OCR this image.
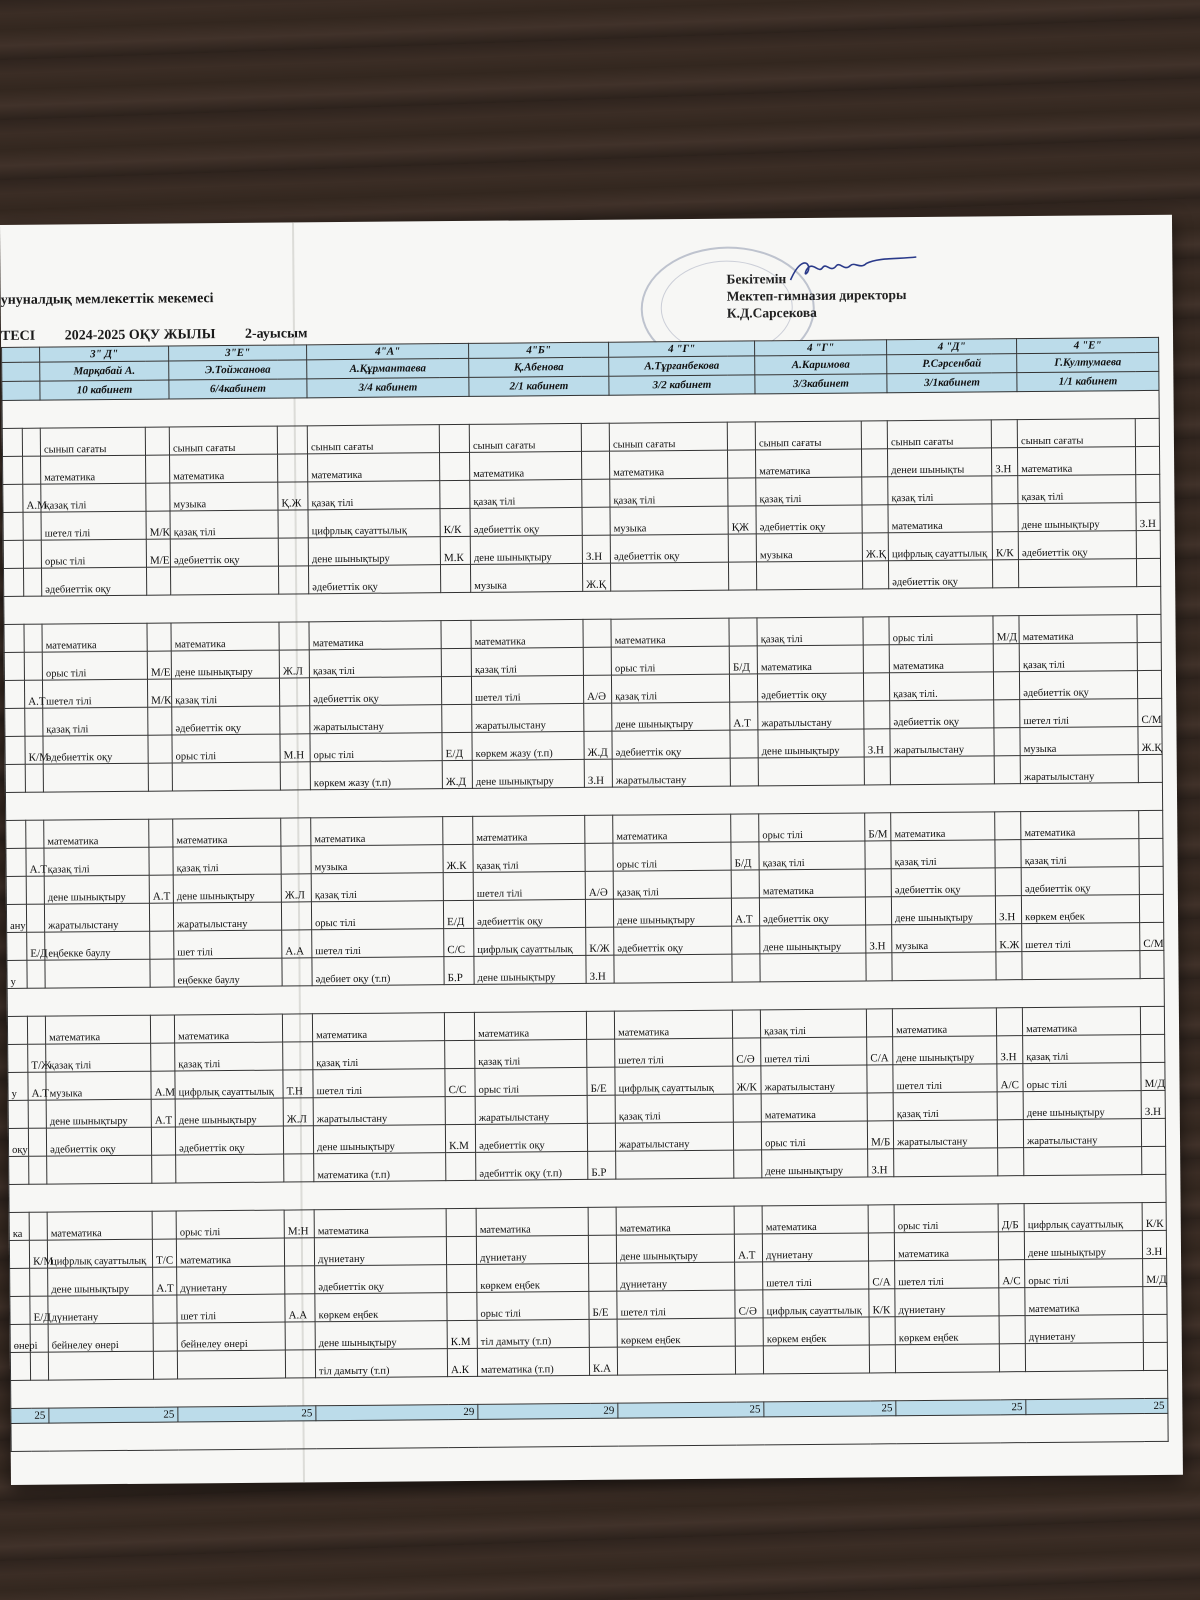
унуналдық мемлекеттік мекемесі
ТЕСІ 2024-2025 ОҚУ ЖЫЛЫ 2-ауысым
Бекітемін
Мектеп-гимназия директоры
К.Д.Сарсекова
		3" Д"		3"Е"		4"А"		4"Б"		4 "Г"		4 "Г"		4 "Д"		4 "Е"	
		Марқабай А.		Э.Тойжанова		А.Құрмантаева		Қ.Абенова		А.Тұрғанбекова		А.Каримова		Р.Сәрсенбай		Г.Култумаева	
		10 кабинет		6/4кабинет		3/4 кабинет		2/1 кабинет		3/2 кабинет		3/3кабинет		3/1кабинет		1/1 кабинет	

		сынып сағаты		сынып сағаты		сынып сағаты		сынып сағаты		сынып сағаты		сынып сағаты		сынып сағаты		сынып сағаты	
		математика		математика		математика		математика		математика		математика		денеи шынықты	З.Н	математика	
	А.М	қазақ тілі		музыка	Қ.Ж	қазақ тілі		қазақ тілі		қазақ тілі		қазақ тілі		қазақ тілі		қазақ тілі	
		шетел тілі	М/К	қазақ тілі		цифрлық сауаттылық	К/К	әдебиеттік оқу		музыка	ҚЖ	әдебиеттік оқу		математика		дене шынықтыру	З.Н
		орыс тілі	М/Е	әдебиеттік оқу		дене шынықтыру	М.К	дене шынықтыру	З.Н	әдебиеттік оқу		музыка	Ж.Қ	цифрлық сауаттылық	К/К	әдебиеттік оқу	
		әдебиеттік оқу				әдебиеттік оқу		музыка	Ж.Қ					әдебиеттік оқу			

		математика		математика		математика		математика		математика		қазақ тілі		орыс тілі	М/Д	математика	
		орыс тілі	М/Е	дене шынықтыру	Ж.Л	қазақ тілі		қазақ тілі		орыс тілі	Б/Д	математика		математика		қазақ тілі	
	А.Т	шетел тілі	М/К	қазақ тілі		әдебиеттік оқу		шетел тілі	А/Ә	қазақ тілі		әдебиеттік оқу		қазақ тілі.		әдебиеттік оқу	
		қазақ тілі		әдебиеттік оқу		жаратылыстану		жаратылыстану		дене шынықтыру	А.Т	жаратылыстану		әдебиеттік оқу		шетел тілі	С/М
	К/М	әдебиеттік оқу		орыс тілі	М.Н	орыс тілі	Е/Д	көркем жазу (т.п)	Ж.Д	әдебиеттік оқу		дене шынықтыру	З.Н	жаратылыстану		музыка	Ж.Қ
						көркем жазу (т.п)	Ж.Д	дене шынықтыру	З.Н	жаратылыстану						жаратылыстану	

		математика		математика		математика		математика		математика		орыс тілі	Б/М	математика		математика	
	А.Т	қазақ тілі		қазақ тілі		музыка	Ж.К	қазақ тілі		орыс тілі	Б/Д	қазақ тілі		қазақ тілі		қазақ тілі	
		дене шынықтыру	А.Т	дене шынықтыру	Ж.Л	қазақ тілі		шетел тілі	А/Ә	қазақ тілі		математика		әдебиеттік оқу		әдебиеттік оқу	
ану		жаратылыстану		жаратылыстану		орыс тілі	Е/Д	әдебиеттік оқу		дене шынықтыру	А.Т	әдебиеттік оқу		дене шынықтыру	З.Н	көркем еңбек	
	Е/Д	еңбекке баулу		шет тілі	А.А	шетел тілі	С/С	цифрлық сауаттылық	К/Ж	әдебиеттік оқу		дене шынықтыру	З.Н	музыка	К.Ж	шетел тілі	С/М
у				еңбекке баулу		әдебиет оқу (т.п)	Б.Р	дене шынықтыру	З.Н								

		математика		математика		математика		математика		математика		қазақ тілі		математика		математика	
	Т/Ж	қазақ тілі		қазақ тілі		қазақ тілі		қазақ тілі		шетел тілі	С/Ә	шетел тілі	С/А	дене шынықтыру	З.Н	қазақ тілі	
у	А.Т	музыка	А.М	цифрлық сауаттылық	Т.Н	шетел тілі	С/С	орыс тілі	Б/Е	цифрлық сауаттылық	Ж/К	жаратылыстану		шетел тілі	А/С	орыс тілі	М/Д
		дене шынықтыру	А.Т	дене шынықтыру	Ж.Л	жаратылыстану		жаратылыстану		қазақ тілі		математика		қазақ тілі		дене шынықтыру	З.Н
оқу		әдебиеттік оқу		әдебиеттік оқу		дене шынықтыру	К.М	әдебиеттік оқу		жаратылыстану		орыс тілі	М/Б	жаратылыстану		жаратылыстану	
						математика (т.п)		әдебиттік оқу (т.п)	Б.Р			дене шынықтыру	З.Н				

ка		математика		орыс тілі	М:Н	математика		математика		математика		математика		орыс тілі	Д/Б	цифрлық сауаттылық	К/К
	К/М	цифрлық сауаттылық	Т/С	математика		дүниетану		дүниетану		дене шынықтыру	А.Т	дүниетану		математика		дене шынықтыру	З.Н
		дене шынықтыру	А.Т	дүниетану		әдебиеттік оқу		көркем еңбек		дүниетану		шетел тілі	С/А	шетел тілі	А/С	орыс тілі	М/Д
	Е/Д	дүниетану		шет тілі	А.А	көркем еңбек		орыс тілі	Б/Е	шетел тілі	С/Ә	цифрлық сауаттылық	К/К	дүниетану		математика	
өнері		бейнелеу өнері		бейнелеу өнері		дене шынықтыру	К.М	тіл дамыту (т.п)		көркем еңбек		көркем еңбек		көркем еңбек		дүниетану	
						тіл дамыту (т.п)	А.К	математика (т.п)	К.А								

25		25		25		29		29		25		25		25		25	
